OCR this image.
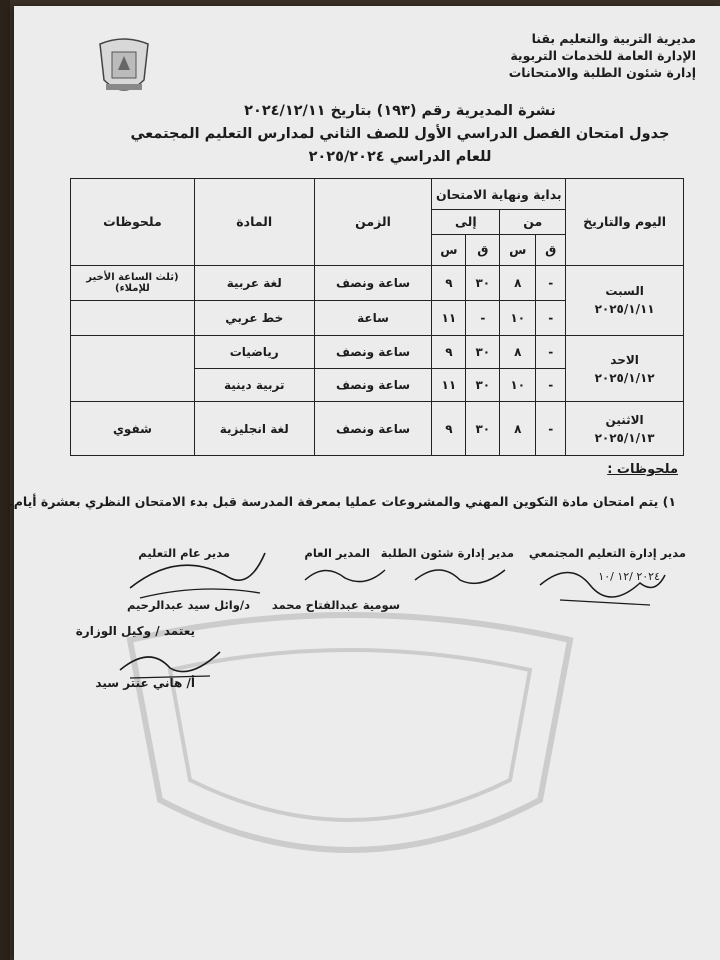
مديرية التربية والتعليم بقنا
الإدارة العامة للخدمات التربوية
إدارة شئون الطلبة والامتحانات
نشرة المديرية رقم (١٩٣) بتاريخ ٢٠٢٤/١٢/١١
جدول امتحان الفصل الدراسي الأول للصف الثاني لمدارس التعليم المجتمعي
للعام الدراسي ٢٠٢٥/٢٠٢٤
اليوم والتاريخ	بداية ونهاية الامتحان				الزمن	المادة	ملحوظات
	من		إلى				
	ق	س	ق	س			

السبت
٢٠٢٥/١/١١	-	٨	٣٠	٩	ساعة ونصف	لغة عربية	(ثلث الساعة الأخير للإملاء)
	-	١٠	-	١١	ساعة	خط عربي	

الاحد
٢٠٢٥/١/١٢	-	٨	٣٠	٩	ساعة ونصف	رياضيات	
	-	١٠	٣٠	١١	ساعة ونصف	تربية دينية	

الاثنين
٢٠٢٥/١/١٣	-	٨	٣٠	٩	ساعة ونصف	لغة انجليزية	شفوي
ملحوظات :
١) يتم امتحان مادة التكوين المهني والمشروعات عمليا بمعرفة المدرسة قبل بدء الامتحان النظري بعشرة أيام.
مدير إدارة التعليم المجتمعي
مدير إدارة شئون الطلبة
المدير العام
مدير عام التعليم
٢٠٢٤ /١٢ /١٠
سومية عبدالفتاح محمد
د/وائل سيد عبدالرحيم
يعتمد / وكيل الوزارة
أ/ هاني عنتر سيد
